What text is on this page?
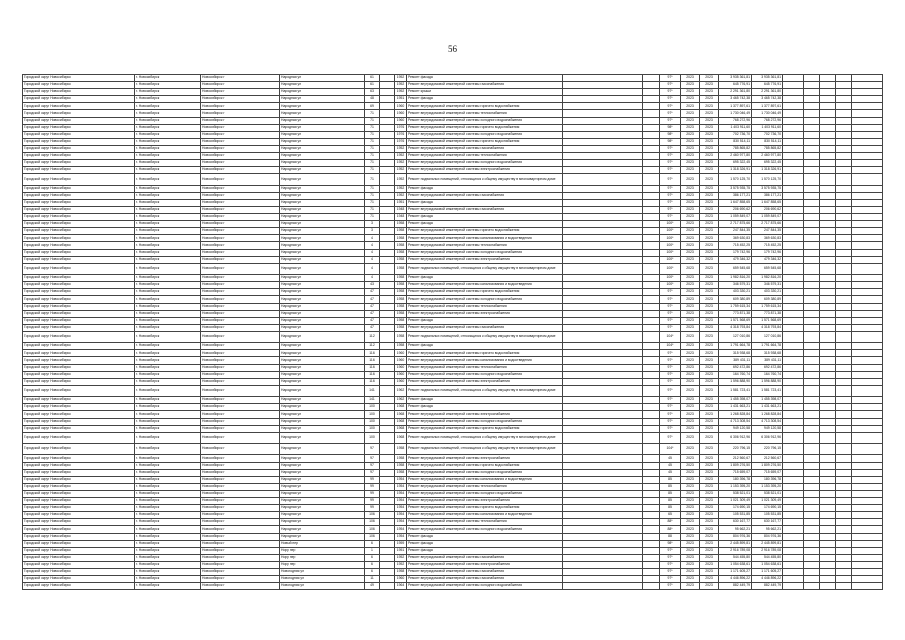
56
Городской округ Новосибирск	г. Новосибирск	Новосибирск г	Народная ул	61		1952	Ремонт фасада			97*	2023	2023	3 935 361,81	3 935 361,81					
Городской округ Новосибирск	г. Новосибирск	Новосибирск г	Народная ул	61		1952	Ремонт внутридомовой инженерной системы газоснабжения			97*	2023	2023	645 776,91	645 776,91					
Городской округ Новосибирск	г. Новосибирск	Новосибирск г	Народная ул	63		1952	Ремонт крыши			97*	2023	2023	2 291 361,80	2 291 361,80					
Городской округ Новосибирск	г. Новосибирск	Новосибирск г	Народная ул	48		1951	Ремонт фасада			97*	2023	2023	3 465 742,38	3 465 742,38					
Городской округ Новосибирск	г. Новосибирск	Новосибирск г	Народная ул	69		1960	Ремонт внутридомовой инженерной системы горячего водоснабжения			97*	2023	2023	1 377 897,61	1 377 897,61					
Городской округ Новосибирск	г. Новосибирск	Новосибирск г	Народная ул	71		1960	Ремонт внутридомовой инженерной системы теплоснабжения			97*	2023	2023	1 730 046,49	1 730 046,49					
Городской округ Новосибирск	г. Новосибирск	Новосибирск г	Народная ул	71		1960	Ремонт внутридомовой инженерной системы холодного водоснабжения			97*	2023	2023	768 272,96	768 272,96					
Городской округ Новосибирск	г. Новосибирск	Новосибирск г	Народная ул	71		1976	Ремонт внутридомовой инженерной системы горячего водоснабжения			98*	2023	2023	1 403 911,60	1 403 911,60					
Городской округ Новосибирск	г. Новосибирск	Новосибирск г	Народная ул	71		1976	Ремонт внутридомовой инженерной системы холодного водоснабжения			98*	2023	2023	702 736,70	702 736,70					
Городской округ Новосибирск	г. Новосибирск	Новосибирск г	Народная ул	71		1976	Ремонт внутридомовой инженерной системы горячего водоснабжения			98*	2023	2023	830 514,11	830 514,11					
Городской округ Новосибирск	г. Новосибирск	Новосибирск г	Народная ул	71		1952	Ремонт внутридомовой инженерной системы газоснабжения			97*	2023	2023	785 865,82	785 865,82					
Городской округ Новосибирск	г. Новосибирск	Новосибирск г	Народная ул	71		1952	Ремонт внутридомовой инженерной системы теплоснабжения			97*	2023	2023	2 460 977,80	2 460 977,80					
Городской округ Новосибирск	г. Новосибирск	Новосибирск г	Народная ул	71		1952	Ремонт внутридомовой инженерной системы холодного водоснабжения			97*	2023	2023	695 322,45	695 322,45					
Городской округ Новосибирск	г. Новосибирск	Новосибирск г	Народная ул	71		1952	Ремонт внутридомовой инженерной системы электроснабжения			97*	2023	2023	1 318 326,91	1 318 326,91					
Городской округ Новосибирск	г. Новосибирск	Новосибирск г	Народная ул	71		1952	Ремонт подвальных помещений, относящихся к общему имуществу в многоквартирном доме			97*	2023	2023	1 570 125,70	1 570 125,70					
Городской округ Новосибирск	г. Новосибирск	Новосибирск г	Народная ул	71		1952	Ремонт фасада			97*	2023	2023	3 575 935,75	3 575 935,75					
Городской округ Новосибирск	г. Новосибирск	Новосибирск г	Народная ул	71		1952	Ремонт внутридомовой инженерной системы газоснабжения			97*	2023	2023	386 177,21	386 177,21					
Городской округ Новосибирск	г. Новосибирск	Новосибирск г	Народная ул	71		1951	Ремонт фасада			97*	2023	2023	1 647 858,65	1 647 858,65					
Городской округ Новосибирск	г. Новосибирск	Новосибирск г	Народная ул	71		1948	Ремонт внутридомовой инженерной системы газоснабжения			97*	2023	2023	206 690,62	206 690,62					
Городской округ Новосибирск	г. Новосибирск	Новосибирск г	Народная ул	71		1948	Ремонт фасада			97*	2023	2023	1 059 849,07	1 059 849,07					
Городской округ Новосибирск	г. Новосибирск	Новосибирск г	Народная ул	3		1958	Ремонт фасада			100*	2023	2023	2 717 875,66	2 717 875,66					
Городской округ Новосибирск	г. Новосибирск	Новосибирск г	Народная ул	3		1958	Ремонт внутридомовой инженерной системы горячего водоснабжения			100*	2023	2023	247 844,35	247 844,35					
Городской округ Новосибирск	г. Новосибирск	Новосибирск г	Народная ул	4		1958	Ремонт внутридомовой инженерной системы канализования и водоотведения			100*	2023	2023	369 630,83	369 630,83					
Городской округ Новосибирск	г. Новосибирск	Новосибирск г	Народная ул	4		1958	Ремонт внутридомовой инженерной системы теплоснабжения			100*	2023	2023	715 452,25	715 452,25					
Городской округ Новосибирск	г. Новосибирск	Новосибирск г	Народная ул	4		1958	Ремонт внутридомовой инженерной системы холодного водоснабжения			100*	2023	2023	179 742,96	179 742,96					
Городской округ Новосибирск	г. Новосибирск	Новосибирск г	Народная ул	4		1958	Ремонт внутридомовой инженерной системы электроснабжения			100*	2023	2023	479 346,32	479 346,32					
Городской округ Новосибирск	г. Новосибирск	Новосибирск г	Народная ул	4		1958	Ремонт подвальных помещений, относящихся к общему имуществу в многоквартирном доме			100*	2023	2023	659 545,68	659 545,68					
Городской округ Новосибирск	г. Новосибирск	Новосибирск г	Народная ул	4		1958	Ремонт фасада			100*	2023	2023	1 982 816,20	1 982 816,20					
Городской округ Новосибирск	г. Новосибирск	Новосибирск г	Народная ул	43		1958	Ремонт внутридомовой инженерной системы канализования и водоотведения			100*	2023	2023	346 579,31	346 579,31					
Городской округ Новосибирск	г. Новосибирск	Новосибирск г	Народная ул	47		1958	Ремонт внутридомовой инженерной системы горячего водоснабжения			97*	2023	2023	403 330,21	403 330,21					
Городской округ Новосибирск	г. Новосибирск	Новосибирск г	Народная ул	47		1958	Ремонт внутридомовой инженерной системы холодного водоснабжения			97*	2023	2023	609 380,89	609 380,89					
Городской округ Новосибирск	г. Новосибирск	Новосибирск г	Народная ул	47		1958	Ремонт внутридомовой инженерной системы теплоснабжения			97*	2023	2023	1 759 615,34	1 759 615,34					
Городской округ Новосибирск	г. Новосибирск	Новосибирск г	Народная ул	47		1958	Ремонт внутридомовой инженерной системы электроснабжения			97*	2023	2023	773 871,38	773 871,38					
Городской округ Новосибирск	г. Новосибирск	Новосибирск г	Народная ул	47		1958	Ремонт фасада			97*	2023	2023	1 571 568,69	1 571 568,69					
Городской округ Новосибирск	г. Новосибирск	Новосибирск г	Народная ул	47		1958	Ремонт внутридомовой инженерной системы газоснабжения			97*	2023	2023	4 318 793,84	4 318 793,84					
Городской округ Новосибирск	г. Новосибирск	Новосибирск г	Народная ул	112		1958	Ремонт подвальных помещений, относящихся к общему имуществу в многоквартирном доме			104*	2023	2023	127 010,86	127 010,86					
Городской округ Новосибирск	г. Новосибирск	Новосибирск г	Народная ул	112		1958	Ремонт фасада			104*	2023	2023	1 791 664,78	1 791 664,78					
Городской округ Новосибирск	г. Новосибирск	Новосибирск г	Народная ул	116		1960	Ремонт внутридомовой инженерной системы горячего водоснабжения			97*	2023	2023	315 938,68	315 938,68					
Городской округ Новосибирск	г. Новосибирск	Новосибирск г	Народная ул	116		1960	Ремонт внутридомовой инженерной системы канализования и водоотведения			97*	2023	2023	389 431,11	389 431,11					
Городской округ Новосибирск	г. Новосибирск	Новосибирск г	Народная ул	116		1960	Ремонт внутридомовой инженерной системы теплоснабжения			97*	2023	2023	692 472,86	692 472,86					
Городской округ Новосибирск	г. Новосибирск	Новосибирск г	Народная ул	116		1960	Ремонт внутридомовой инженерной системы холодного водоснабжения			97*	2023	2023	164 760,74	164 760,74					
Городской округ Новосибирск	г. Новосибирск	Новосибирск г	Народная ул	116		1960	Ремонт внутридомовой инженерной системы электроснабжения			97*	2023	2023	1 596 888,90	1 596 888,90					
Городской округ Новосибирск	г. Новосибирск	Новосибирск г	Народная ул	141		1962	Ремонт подвальных помещений, относящихся к общему имуществу в многоквартирном доме			97*	2023	2023	1 581 723,41	1 581 723,41					
Городской округ Новосибирск	г. Новосибирск	Новосибирск г	Народная ул	141		1962	Ремонт фасада			97*	2023	2023	1 455 398,07	1 455 398,07					
Городской округ Новосибирск	г. Новосибирск	Новосибирск г	Народная ул	100		1968	Ремонт фасада			97*	2023	2023	1 431 663,21	1 431 663,21					
Городской округ Новосибирск	г. Новосибирск	Новосибирск г	Народная ул	100		1968	Ремонт внутридомовой инженерной системы электроснабжения			97*	2023	2023	1 268 828,84	1 268 828,84					
Городской округ Новосибирск	г. Новосибирск	Новосибирск г	Народная ул	100		1968	Ремонт внутридомовой инженерной системы холодного водоснабжения			97*	2023	2023	4 713 308,54	4 713 308,54					
Городской округ Новосибирск	г. Новосибирск	Новосибирск г	Народная ул	100		1968	Ремонт внутридомовой инженерной системы горячего водоснабжения			97*	2023	2023	949 120,58	949 120,58					
Городской округ Новосибирск	г. Новосибирск	Новосибирск г	Народная ул	100		1968	Ремонт подвальных помещений, относящихся к общему имуществу в многоквартирном доме			97*	2023	2023	6 306 912,96	6 306 912,96					
Городской округ Новосибирск	г. Новосибирск	Новосибирск г	Народная ул	97		1958	Ремонт подвальных помещений, относящихся к общему имуществу в многоквартирном доме			104*	2023	2023	220 796,15	220 796,15					
Городской округ Новосибирск	г. Новосибирск	Новосибирск г	Народная ул	97		1958	Ремонт внутридомовой инженерной системы электроснабжения			45	2023	2023	212 560,67	212 560,67					
Городской округ Новосибирск	г. Новосибирск	Новосибирск г	Народная ул	97		1958	Ремонт внутридомовой инженерной системы горячего водоснабжения			45	2023	2023	1 809 276,50	1 809 276,50					
Городской округ Новосибирск	г. Новосибирск	Новосибирск г	Народная ул	97		1958	Ремонт внутридомовой инженерной системы холодного водоснабжения			45	2023	2023	715 659,07	715 659,07					
Городской округ Новосибирск	г. Новосибирск	Новосибирск г	Народная ул	99		1954	Ремонт внутридомовой инженерной системы канализования и водоотведения			85	2023	2023	180 396,78	180 396,78					
Городской округ Новосибирск	г. Новосибирск	Новосибирск г	Народная ул	99		1954	Ремонт внутридомовой инженерной системы теплоснабжения			85	2023	2023	1 153 395,20	1 153 395,20					
Городской округ Новосибирск	г. Новосибирск	Новосибирск г	Народная ул	99		1954	Ремонт внутридомовой инженерной системы холодного водоснабжения			85	2023	2023	538 521,01	538 521,01					
Городской округ Новосибирск	г. Новосибирск	Новосибирск г	Народная ул	99		1954	Ремонт внутридомовой инженерной системы электроснабжения			85	2023	2023	1 021 309,49	1 021 309,49					
Городской округ Новосибирск	г. Новосибирск	Новосибирск г	Народная ул	99		1954	Ремонт внутридомовой инженерной системы горячего водоснабжения			85	2023	2023	174 690,15	174 690,15					
Городской округ Новосибирск	г. Новосибирск	Новосибирск г	Народная ул	106		1954	Ремонт внутридомовой инженерной системы канализования и водоотведения			65	2023	2023	105 531,85	105 531,85					
Городской округ Новосибирск	г. Новосибирск	Новосибирск г	Народная ул	106		1954	Ремонт внутридомовой инженерной системы теплоснабжения			88*	2023	2023	630 167,77	630 167,77					
Городской округ Новосибирск	г. Новосибирск	Новосибирск г	Народная ул	106		1954	Ремонт внутридомовой инженерной системы холодного водоснабжения			88*	2023	2023	95 662,21	95 662,21					
Городской округ Новосибирск	г. Новосибирск	Новосибирск г	Народная ул	106		1954	Ремонт фасада			88	2023	2023	804 976,36	804 976,36					
Городской округ Новосибирск	г. Новосибирск	Новосибирск г	Новый пер	6		1959	Ремонт фасада			98*	2023	2023	2 445 899,81	2 445 899,81					
Городской округ Новосибирск	г. Новосибирск	Новосибирск г	Нору пер	1		1951	Ремонт фасада			97*	2023	2023	2 916 789,08	2 916 789,08					
Городской округ Новосибирск	г. Новосибирск	Новосибирск г	Нору пер	6		1952	Ремонт внутридомовой инженерной системы газоснабжения			97*	2023	2023	544 455,80	544 455,80					
Городской округ Новосибирск	г. Новосибирск	Новосибирск г	Нору пер	6		1952	Ремонт внутридомовой инженерной системы электроснабжения			97*	2023	2023	1 054 638,61	1 054 638,61					
Городской округ Новосибирск	г. Новосибирск	Новосибирск г	Новогодняя ул	6		1958	Ремонт внутридомовой инженерной системы газоснабжения			97*	2023	2023	1 171 605,27	1 171 605,27					
Городской округ Новосибирск	г. Новосибирск	Новосибирск г	Новогодняя ул	11		1960	Ремонт внутридомовой инженерной системы газоснабжения			97*	2023	2023	4 446 896,22	4 446 896,22					
Городской округ Новосибирск	г. Новосибирск	Новосибирск г	Новогодняя ул	49		1964	Ремонт внутридомовой инженерной системы холодного водоснабжения			97*	2023	2023	882 449,79	882 449,79					
